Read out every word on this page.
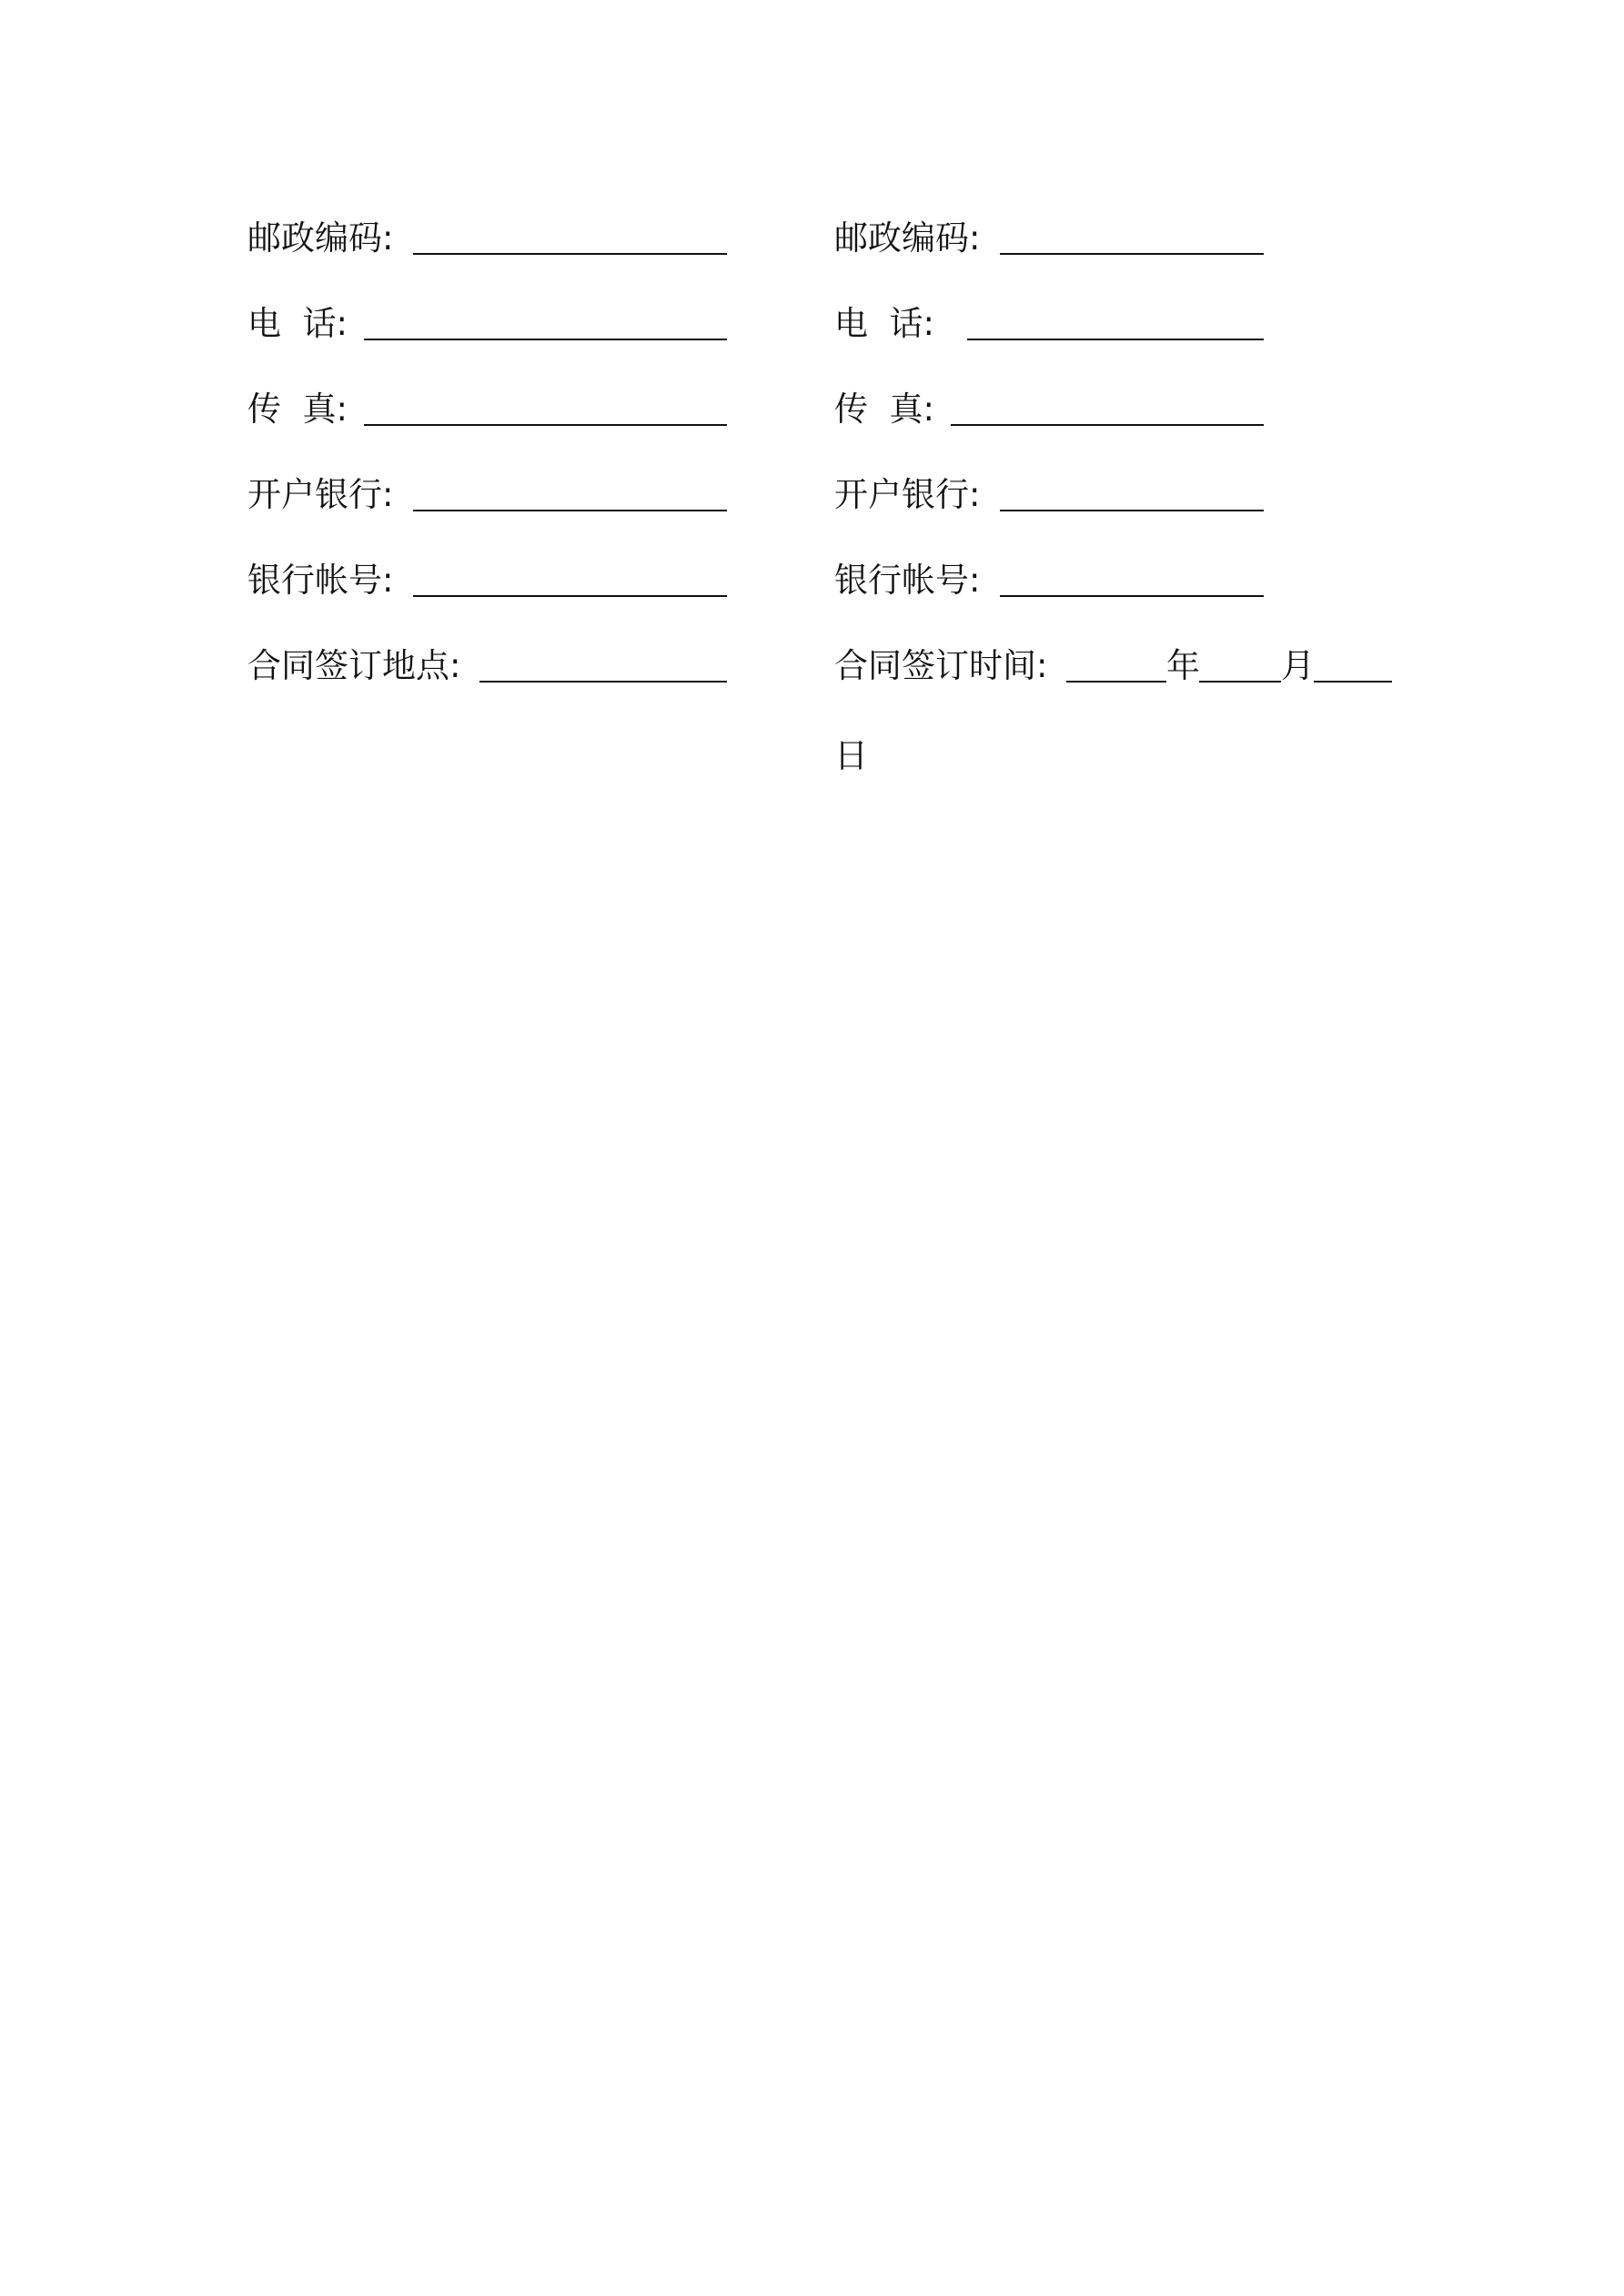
邮政编码:
电  话:
传  真:
开户银行:
银行帐号:
合同签订地点:
邮政编码:
电  话:
传  真:
开户银行:
银行帐号:
合同签订时间:	年 月
日
